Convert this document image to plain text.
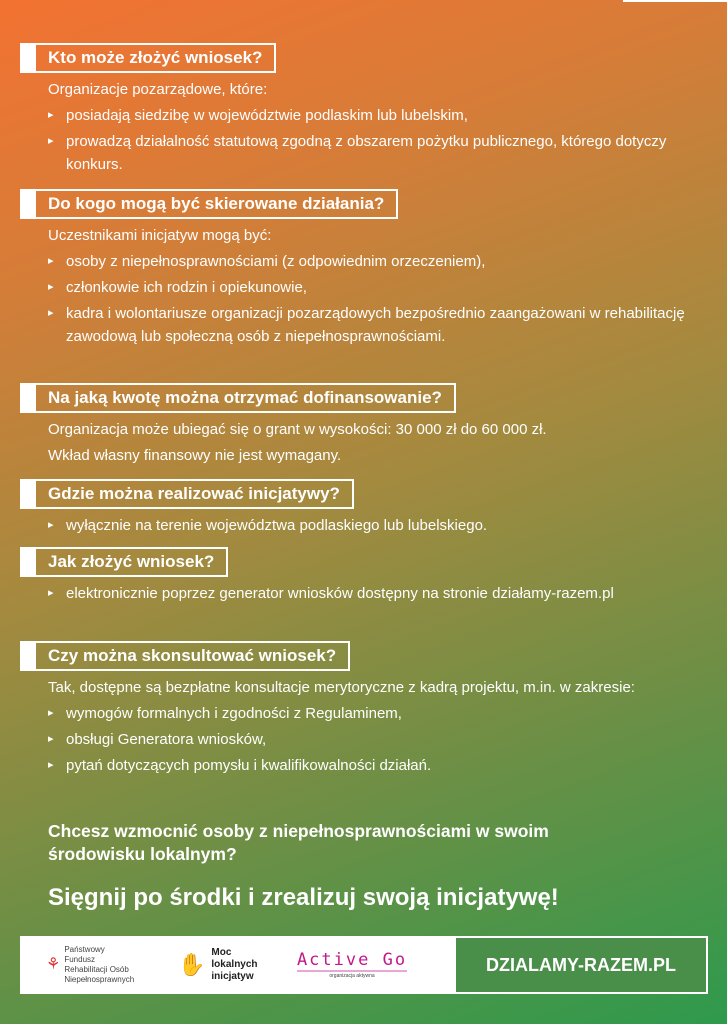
Kto może złożyć wniosek?

Organizacje pozarządowe, które:

▸ posiadają siedzibę w województwie podlaskim lub lubelskim,
▸ prowadzą działalność statutową zgodną z obszarem pożytku publicznego, którego dotyczy konkurs.
Do kogo mogą być skierowane działania?

Uczestnikami inicjatyw mogą być:

▸ osoby z niepełnosprawnościami (z odpowiednim orzeczeniem),
▸ członkowie ich rodzin i opiekunowie,
▸ kadra i wolontariusze organizacji pozarządowych bezpośrednio zaangażowani w rehabilitację zawodową lub społeczną osób z niepełnosprawnościami.
Na jaką kwotę można otrzymać dofinansowanie?

Organizacja może ubiegać się o grant w wysokości: 30 000 zł do 60 000 zł.

Wkład własny finansowy nie jest wymagany.

Gdzie można realizować inicjatywy?
▸ wyłącznie na terenie województwa podlaskiego lub lubelskiego.
Jak złożyć wniosek?
▸ elektronicznie poprzez generator wniosków dostępny na stronie działamy-razem.pl
Czy można skonsultować wniosek?

Tak, dostępne są bezpłatne konsultacje merytoryczne z kadrą projektu, m.in. w zakresie:

▸ wymogów formalnych i zgodności z Regulaminem,
▸ obsługi Generatora wniosków,
▸ pytań dotyczących pomysłu i kwalifikowalności działań.
Chcesz wzmocnić osoby z niepełnosprawnościami w swoim środowisku lokalnym?
Sięgnij po środki i zrealizuj swoją inicjatywę!
⚘
Państwowy Fundusz Rehabilitacji Osób Niepełnosprawnych
✋ Moc lokalnych inicjatyw
Active Go
organizacja aktywna
DZIALAMY-RAZEM.PL
